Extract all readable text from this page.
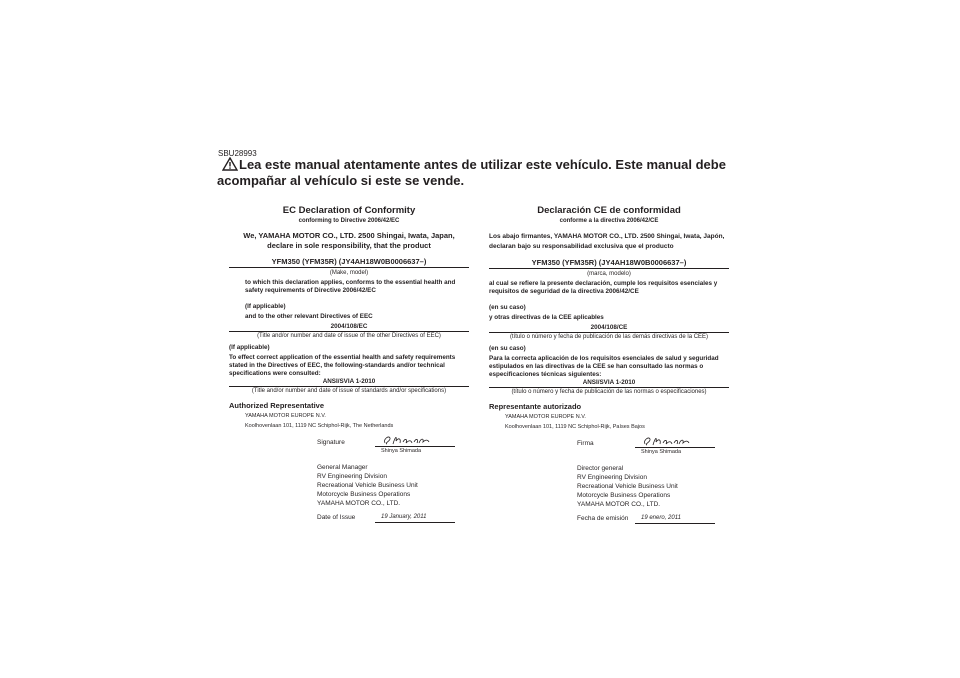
SBU28993
Lea este manual atentamente antes de utilizar este vehículo. Este manual debe acompañar al vehículo si este se vende.
EC Declaration of Conformity
conforming to Directive 2006/42/EC
We, YAMAHA MOTOR CO., LTD. 2500 Shingai, Iwata, Japan, declare in sole responsibility, that the product
YFM350 (YFM35R) (JY4AH18W0B0006637–)
(Make, model)
to which this declaration applies, conforms to the essential health and safety requirements of Directive 2006/42/EC
(If applicable)
and to the other relevant Directives of EEC
2004/108/EC
(Title and/or number and date of issue of the other Directives of EEC)
(If applicable)
To effect correct application of the essential health and safety requirements stated in the Directives of EEC, the following-standards and/or technical specifications were consulted:
ANSI/SVIA 1-2010
(Title and/or number and date of issue of standards and/or specifications)
Authorized Representative
YAMAHA MOTOR EUROPE N.V.
Koolhovenlaan 101, 1119 NC Schiphol-Rijk, The Netherlands
Signature
Shinya Shimada
General Manager
RV Engineering Division
Recreational Vehicle Business Unit
Motorcycle Business Operations
YAMAHA MOTOR CO., LTD.
Date of Issue	19 January, 2011
Declaración CE de conformidad
conforme a la directiva 2006/42/CE
Los abajo firmantes, YAMAHA MOTOR CO., LTD. 2500 Shingai, Iwata, Japón, declaran bajo su responsabilidad exclusiva que el producto
YFM350 (YFM35R) (JY4AH18W0B0006637–)
(marca, modelo)
al cual se refiere la presente declaración, cumple los requisitos esenciales y requisitos de seguridad de la directiva 2006/42/CE
(en su caso)
y otras directivas de la CEE aplicables
2004/108/CE
(título o número y fecha de publicación de las demás directivas de la CEE)
(en su caso)
Para la correcta aplicación de los requisitos esenciales de salud y seguridad estipulados en las directivas de la CEE se han consultado las normas o especificaciones técnicas siguientes:
ANSI/SVIA 1-2010
(título o número y fecha de publicación de las normas o especificaciones)
Representante autorizado
YAMAHA MOTOR EUROPE N.V.
Koolhovenlaan 101, 1119 NC Schiphol-Rijk, Países Bajos
Firma
Shinya Shimada
Director general
RV Engineering Division
Recreational Vehicle Business Unit
Motorcycle Business Operations
YAMAHA MOTOR CO., LTD.
Fecha de emisión 19 enero, 2011
